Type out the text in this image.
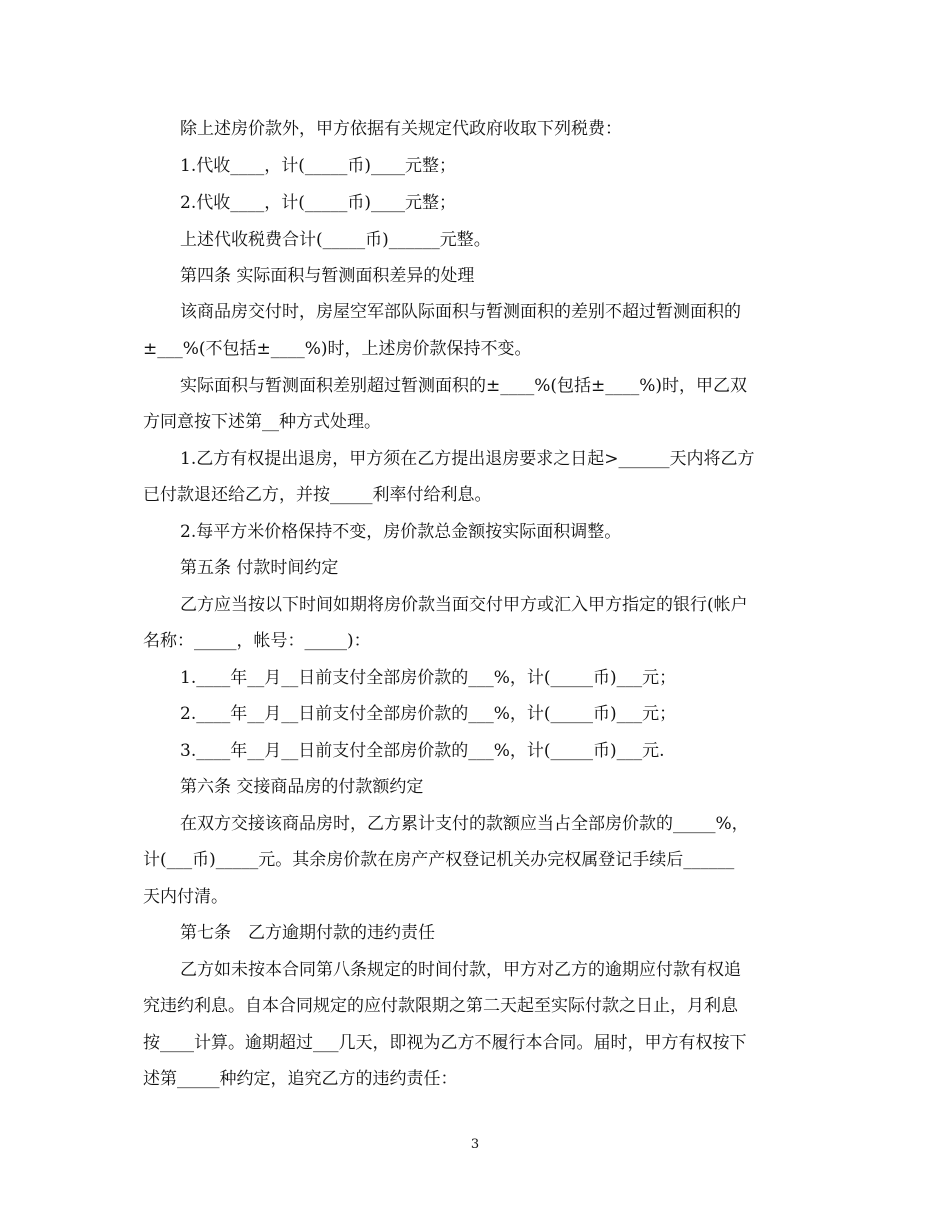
除上述房价款外，甲方依据有关规定代政府收取下列税费：
1.代收____，计(_____币)____元整；
2.代收____，计(_____币)____元整；
上述代收税费合计(_____币)______元整。
第四条 实际面积与暂测面积差异的处理
该商品房交付时，房屋空军部队际面积与暂测面积的差别不超过暂测面积的
±___%(不包括±____%)时，上述房价款保持不变。
实际面积与暂测面积差别超过暂测面积的±____%(包括±____%)时，甲乙双
方同意按下述第__种方式处理。
1.乙方有权提出退房，甲方须在乙方提出退房要求之日起>______天内将乙方
已付款退还给乙方，并按_____利率付给利息。
2.每平方米价格保持不变，房价款总金额按实际面积调整。
第五条 付款时间约定
乙方应当按以下时间如期将房价款当面交付甲方或汇入甲方指定的银行(帐户
名称：_____，帐号：_____)：
1.____年__月__日前支付全部房价款的___%，计(_____币)___元；
2.____年__月__日前支付全部房价款的___%，计(_____币)___元；
3.____年__月__日前支付全部房价款的___%，计(_____币)___元.
第六条 交接商品房的付款额约定
在双方交接该商品房时，乙方累计支付的款额应当占全部房价款的_____%，
计(___币)_____元。其余房价款在房产产权登记机关办完权属登记手续后______
天内付清。
第七条　乙方逾期付款的违约责任
乙方如未按本合同第八条规定的时间付款，甲方对乙方的逾期应付款有权追
究违约利息。自本合同规定的应付款限期之第二天起至实际付款之日止，月利息
按____计算。逾期超过___几天，即视为乙方不履行本合同。届时，甲方有权按下
述第_____种约定，追究乙方的违约责任：
3
